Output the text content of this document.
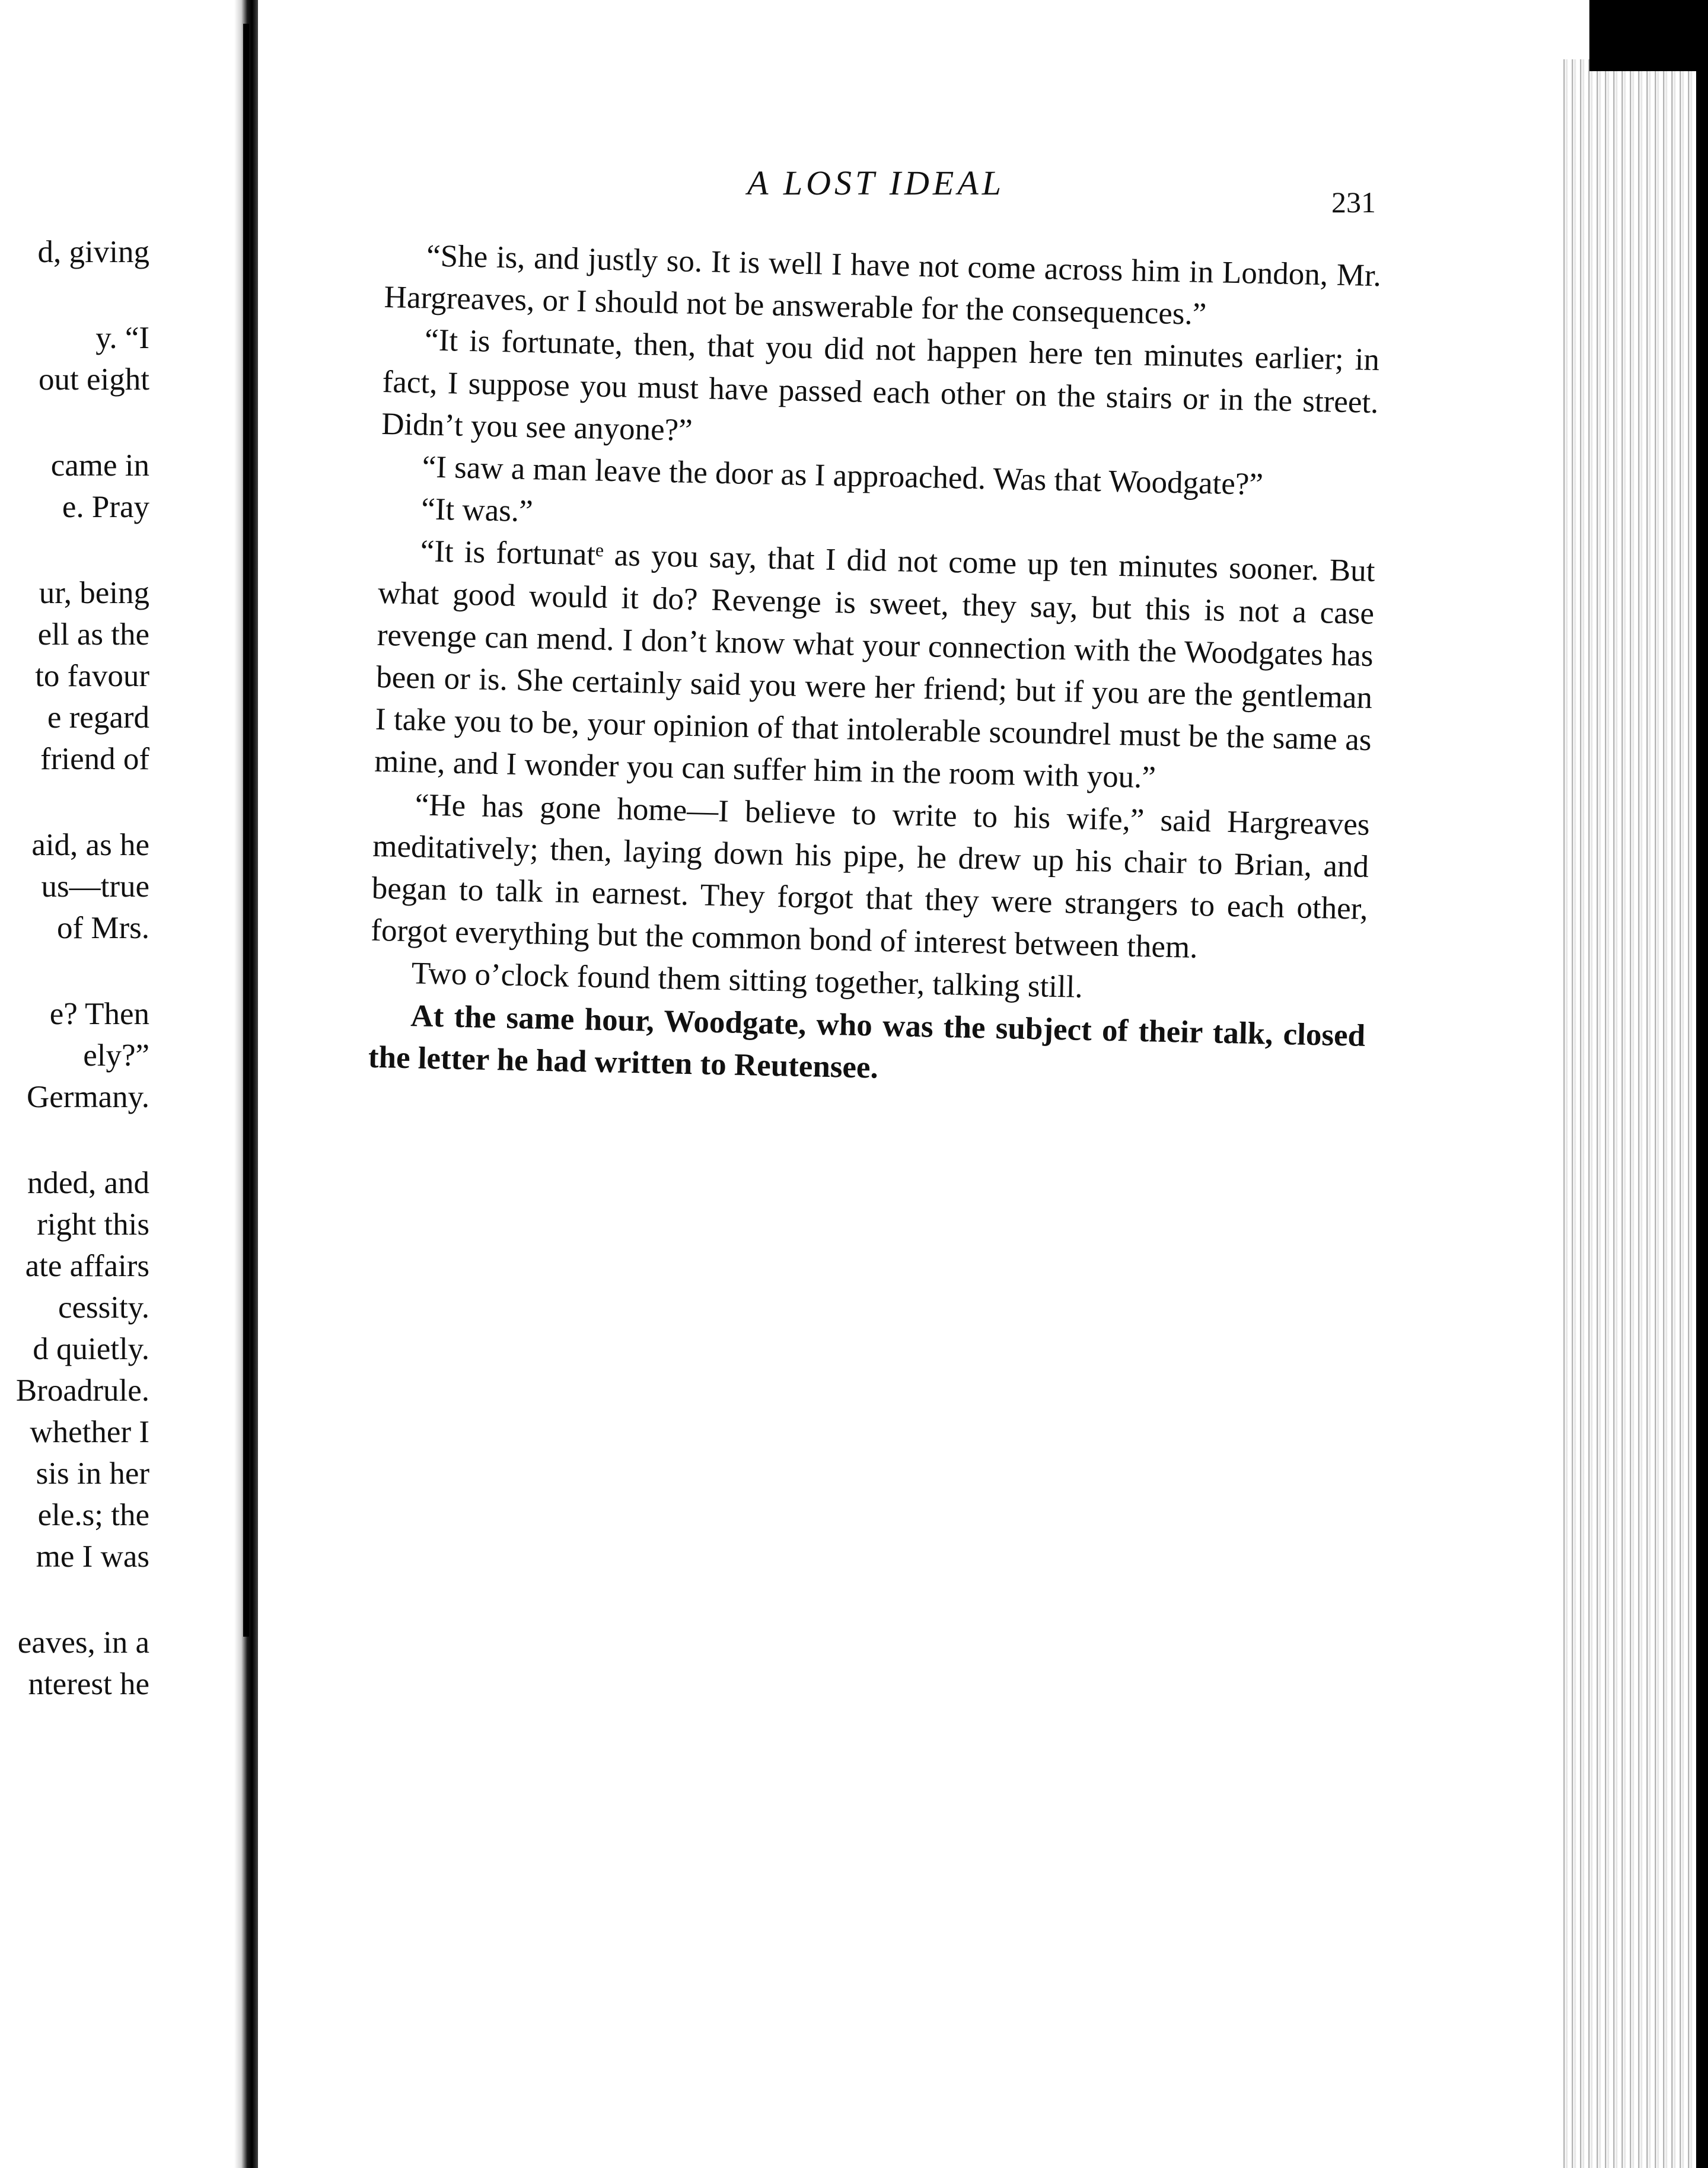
d, giving
y. “I
out eight
came in
e. Pray
ur, being
ell as the
to favour
e regard
friend of
aid, as he
us—true
of Mrs.
e? Then
ely?”
Germany.
nded, and
right this
ate affairs
cessity.
d quietly.
Broadrule.
whether I
sis in her
ele.s; the
me I was
eaves, in a
nterest he
A LOST IDEAL	231

“She is, and justly so. It is well I have not come across him in London, Mr. Hargreaves, or I should not be answerable for the consequences.”

“It is fortunate, then, that you did not happen here ten minutes earlier; in fact, I suppose you must have passed each other on the stairs or in the street. Didn’t you see anyone?”

“I saw a man leave the door as I approached. Was that Woodgate?”

“It was.”

“It is fortunatᵉ as you say, that I did not come up ten minutes sooner. But what good would it do? Revenge is sweet, they say, but this is not a case revenge can mend. I don’t know what your connection with the Woodgates has been or is. She certainly said you were her friend; but if you are the gentleman I take you to be, your opinion of that intolerable scoundrel must be the same as mine, and I wonder you can suffer him in the room with you.”

“He has gone home—I believe to write to his wife,” said Hargreaves meditatively; then, laying down his pipe, he drew up his chair to Brian, and began to talk in earnest. They forgot that they were strangers to each other, forgot everything but the common bond of interest between them.

Two o’clock found them sitting together, talking still.

At the same hour, Woodgate, who was the subject of their talk, closed the letter he had written to Reutensee.
